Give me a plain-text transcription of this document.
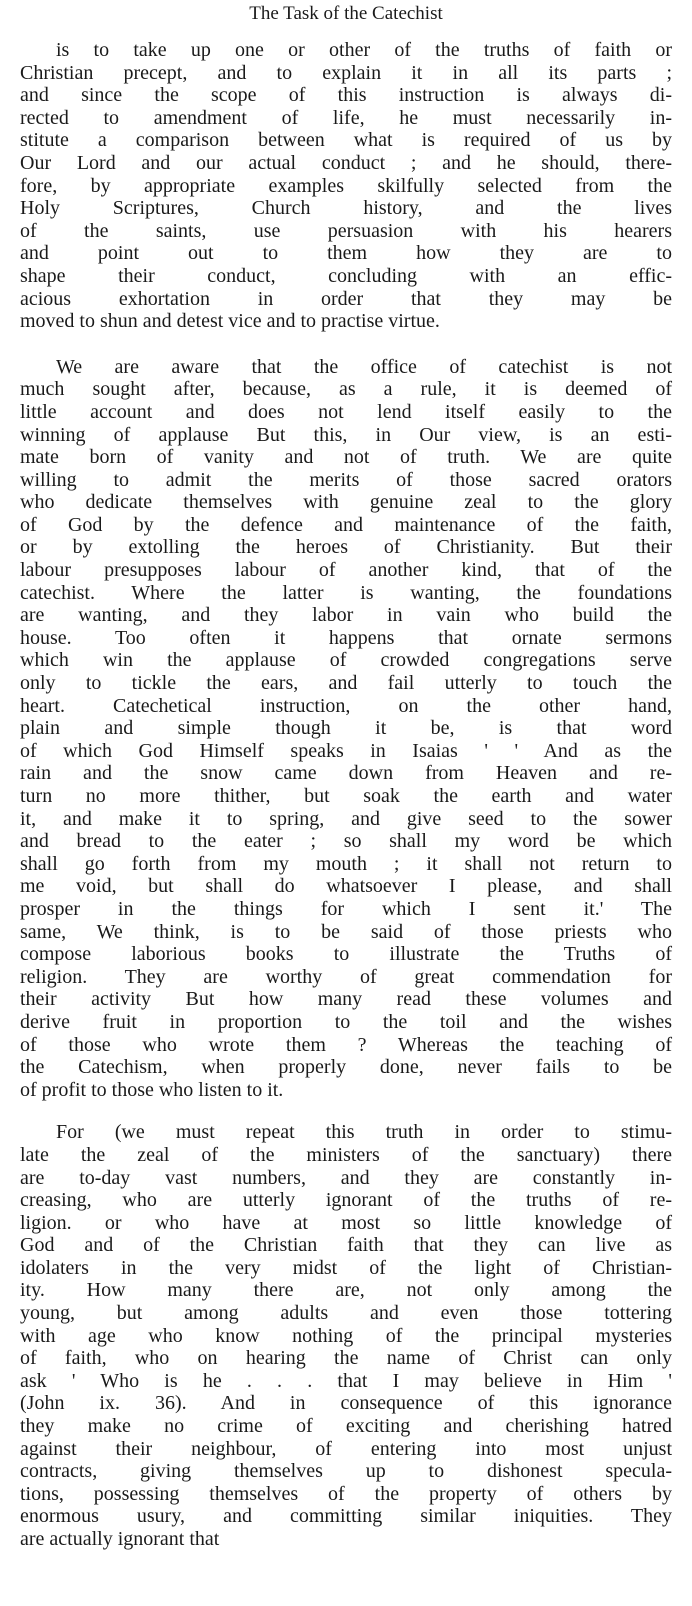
The Task of the Catechist
is to take up one or other of the truths of faith or
Christian precept, and to explain it in all its parts ;
and since the scope of this instruction is always di-
rected to amendment of life, he must necessarily in-
stitute a comparison between what is required of us by
Our Lord and our actual conduct ; and he should, there-
fore, by appropriate examples skilfully selected from the
Holy Scriptures, Church history, and the lives
of the saints, use persuasion with his hearers
and point out to them how they are to
shape their conduct, concluding with an effic-
acious exhortation in order that they may be
moved to shun and detest vice and to practise virtue.
We are aware that the office of catechist is not
much sought after, because, as a rule, it is deemed of
little account and does not lend itself easily to the
winning of applause But this, in Our view, is an esti-
mate born of vanity and not of truth. We are quite
willing to admit the merits of those sacred orators
who dedicate themselves with genuine zeal to the glory
of God by the defence and maintenance of the faith,
or by extolling the heroes of Christianity. But their
labour presupposes labour of another kind, that of the
catechist. Where the latter is wanting, the foundations
are wanting, and they labor in vain who build the
house. Too often it happens that ornate sermons
which win the applause of crowded congregations serve
only to tickle the ears, and fail utterly to touch the
heart. Catechetical instruction, on the other hand,
plain and simple though it be, is that word
of which God Himself speaks in Isaias ' ' And as the
rain and the snow came down from Heaven and re-
turn no more thither, but soak the earth and water
it, and make it to spring, and give seed to the sower
and bread to the eater ; so shall my word be which
shall go forth from my mouth ; it shall not return to
me void, but shall do whatsoever I please, and shall
prosper in the things for which I sent it.' The
same, We think, is to be said of those priests who
compose laborious books to illustrate the Truths of
religion. They are worthy of great commendation for
their activity But how many read these volumes and
derive fruit in proportion to the toil and the wishes
of those who wrote them ? Whereas the teaching of
the Catechism, when properly done, never fails to be
of profit to those who listen to it.
For (we must repeat this truth in order to stimu-
late the zeal of the ministers of the sanctuary) there
are to-day vast numbers, and they are constantly in-
creasing, who are utterly ignorant of the truths of re-
ligion. or who have at most so little knowledge of
God and of the Christian faith that they can live as
idolaters in the very midst of the light of Christian-
ity. How many there are, not only among the
young, but among adults and even those tottering
with age who know nothing of the principal mysteries
of faith, who on hearing the name of Christ can only
ask ' Who is he . . . that I may believe in Him '
(John ix. 36). And in consequence of this ignorance
they make no crime of exciting and cherishing hatred
against their neighbour, of entering into most unjust
contracts, giving themselves up to dishonest specula-
tions, possessing themselves of the property of others by
enormous usury, and committing similar iniquities. They
are actually ignorant that
